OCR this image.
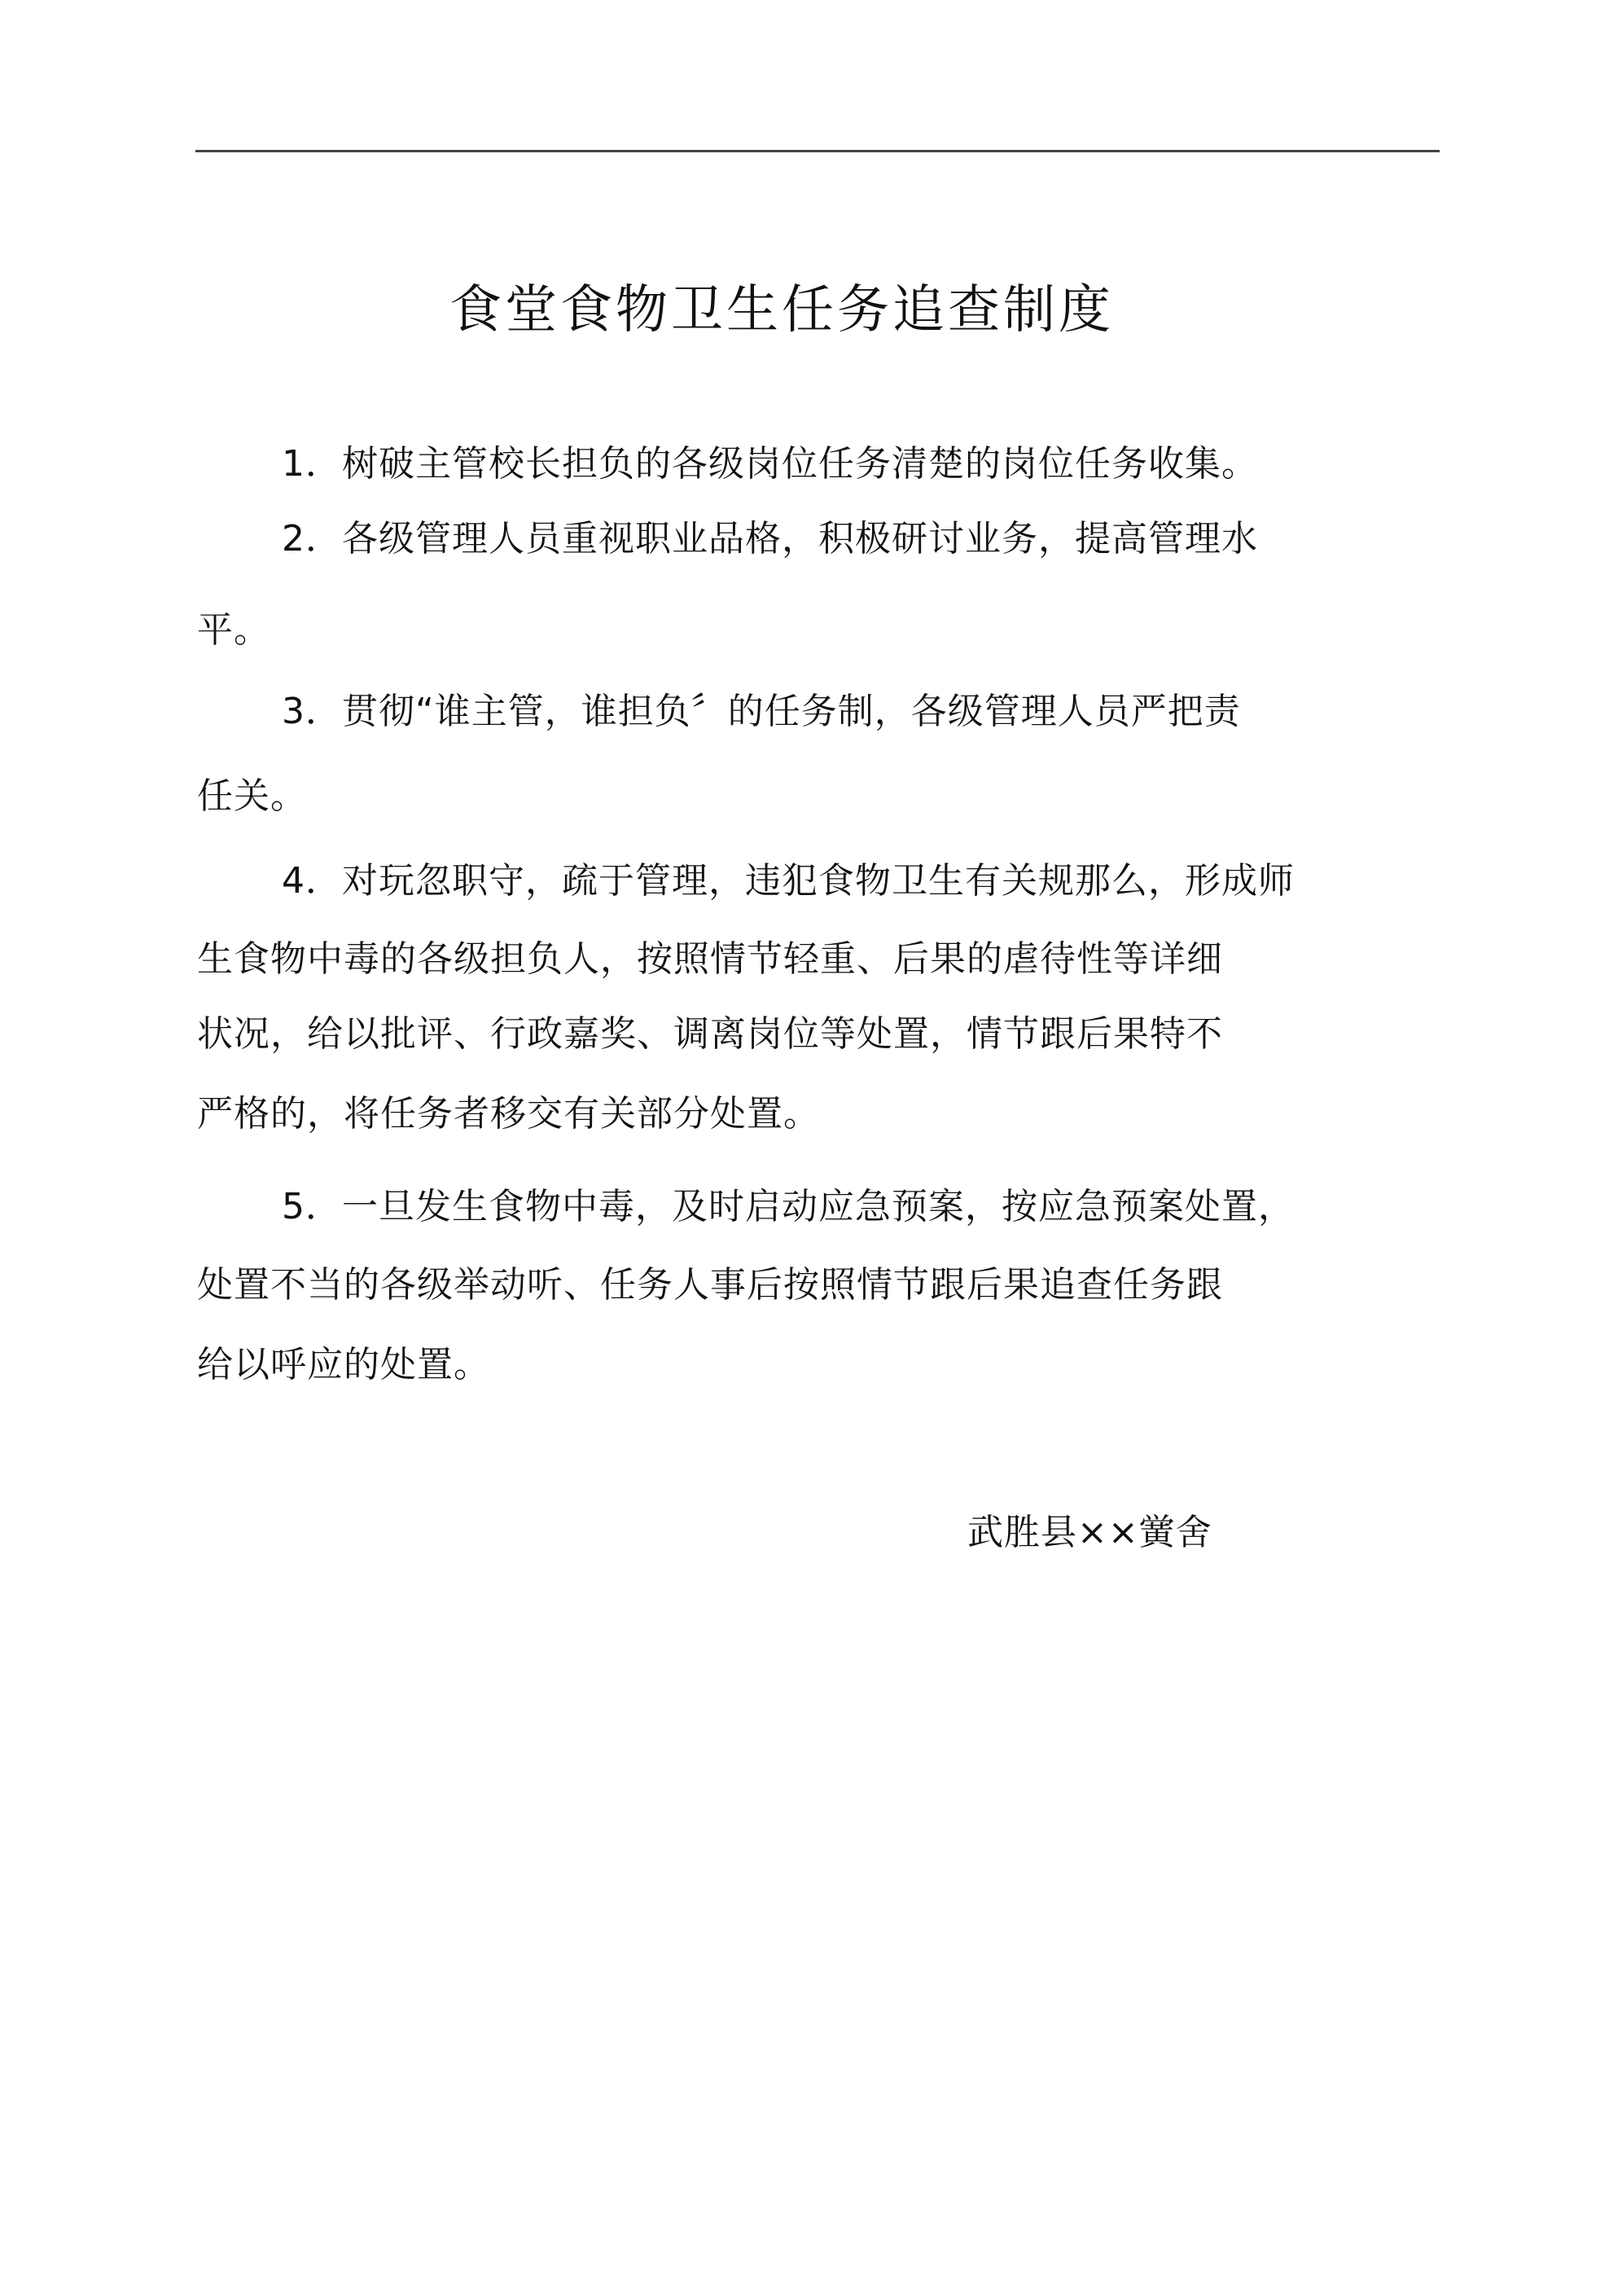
食堂食物卫生任务追查制度

1．树破主管校长担负的各级岗位任务清楚的岗位任务收集。

2．各级管理人员重视职业品格，积极研讨业务，提高管理水

平。

3．贯彻“谁主管，谁担负〞的任务制，各级管理人员严把责

任关。

4．对玩忽职守，疏于管理，违犯食物卫生有关规那么，形成师

生食物中毒的各级担负人，按照情节轻重、后果的虐待性等详细

状况，给以批评、行政嘉奖、调离岗位等处置，情节跟后果特不

严格的，将任务者移交有关部分处置。

5．一旦发生食物中毒，及时启动应急预案，按应急预案处置，

处置不当的各级举动听、任务人事后按照情节跟后果追查任务跟

给以呼应的处置。

武胜县××黉舍
